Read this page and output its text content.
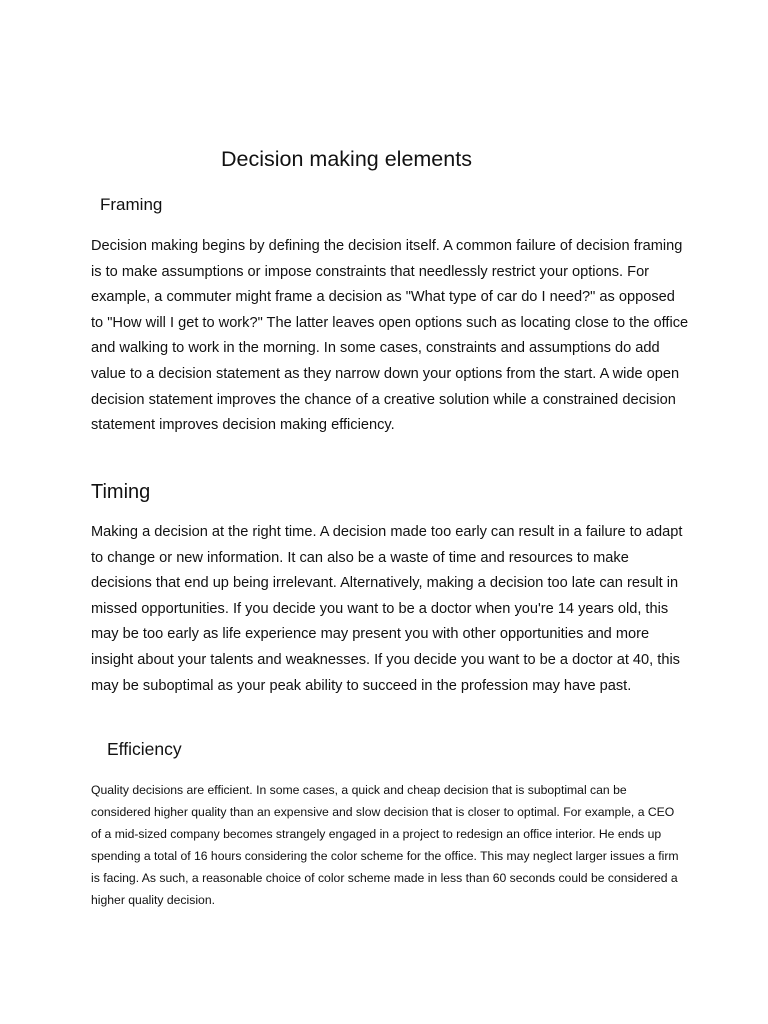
Decision making elements
Framing

Decision making begins by defining the decision itself. A common failure of decision framing is to make assumptions or impose constraints that needlessly restrict your options. For example, a commuter might frame a decision as "What type of car do I need?" as opposed to "How will I get to work?" The latter leaves open options such as locating close to the office and walking to work in the morning. In some cases, constraints and assumptions do add value to a decision statement as they narrow down your options from the start. A wide open decision statement improves the chance of a creative solution while a constrained decision statement improves decision making efficiency.

Timing

Making a decision at the right time. A decision made too early can result in a failure to adapt to change or new information. It can also be a waste of time and resources to make decisions that end up being irrelevant. Alternatively, making a decision too late can result in missed opportunities. If you decide you want to be a doctor when you're 14 years old, this may be too early as life experience may present you with other opportunities and more insight about your talents and weaknesses. If you decide you want to be a doctor at 40, this may be suboptimal as your peak ability to succeed in the profession may have past.

Efficiency

Quality decisions are efficient. In some cases, a quick and cheap decision that is suboptimal can be considered higher quality than an expensive and slow decision that is closer to optimal. For example, a CEO of a mid-sized company becomes strangely engaged in a project to redesign an office interior. He ends up spending a total of 16 hours considering the color scheme for the office. This may neglect larger issues a firm is facing. As such, a reasonable choice of color scheme made in less than 60 seconds could be considered a higher quality decision.
